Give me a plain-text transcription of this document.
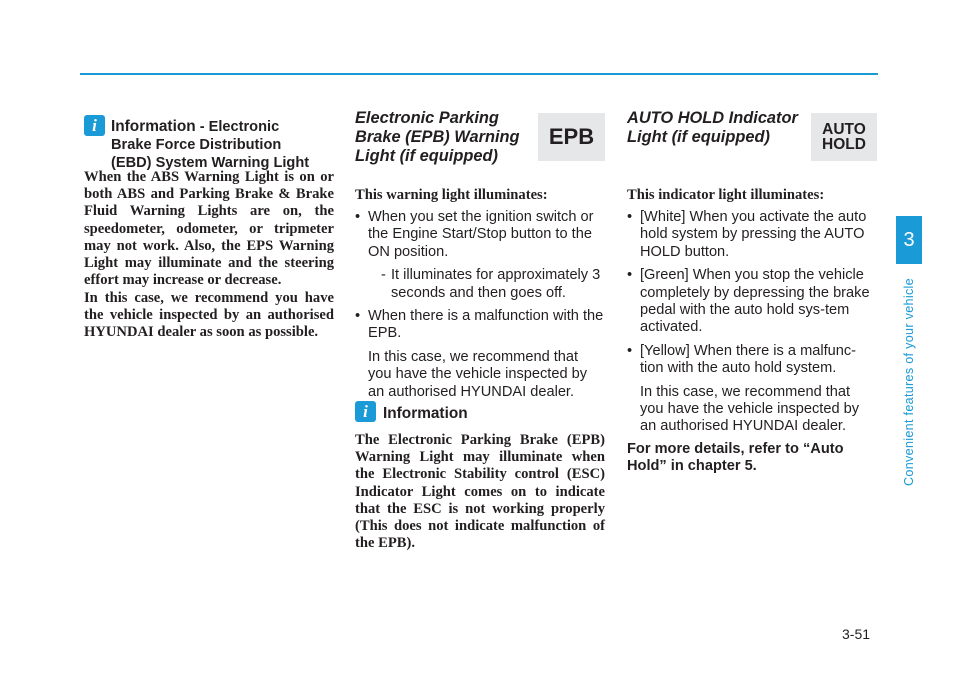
i Information - Electronic
Brake Force Distribution
(EBD) System Warning Light

When the ABS Warning Light is on or both ABS and Parking Brake & Brake Fluid Warning Lights are on, the speedometer, odometer, or tripmeter may not work. Also, the EPS Warning Light may illuminate and the steering effort may increase or decrease.

In this case, we recommend you have the vehicle inspected by an authorised HYUNDAI dealer as soon as possible.

Electronic Parking

Brake (EPB) Warning

Light (if equipped)

EPB
This warning light illuminates:
• When you set the ignition switch or the Engine Start/Stop button to the ON position.
- It illuminates for approximately 3 seconds and then goes off.
• When there is a malfunction with the EPB.
In this case, we recommend that you have the vehicle inspected by an authorised HYUNDAI dealer.
i Information

The Electronic Parking Brake (EPB) Warning Light may illuminate when the Electronic Stability control (ESC) Indicator Light comes on to indicate that the ESC is not working properly (This does not indicate malfunction of the EPB).

AUTO HOLD Indicator

Light (if equipped)	AUTO
HOLD
This indicator light illuminates:
• [White] When you activate the auto hold system by pressing the AUTO HOLD button.
• [Green] When you stop the vehicle completely by depressing the brake pedal with the auto hold sys-tem activated.
• [Yellow] When there is a malfunc-tion with the auto hold system.
In this case, we recommend that you have the vehicle inspected by an authorised HYUNDAI dealer.

For more details, refer to “Auto Hold” in chapter 5.

3
Convenient features of your vehicle
3-51
